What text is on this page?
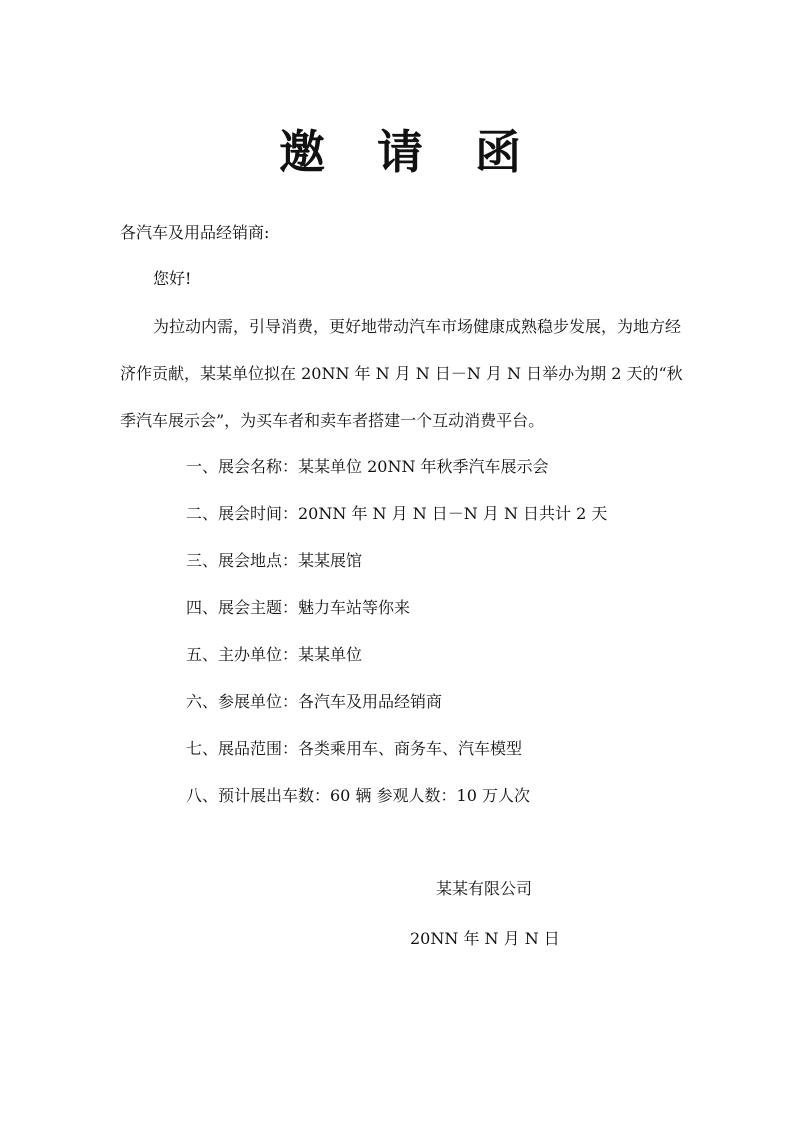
邀 请 函
各汽车及用品经销商:
您好!
为拉动内需，引导消费，更好地带动汽车市场健康成熟稳步发展，为地方经
济作贡献，某某单位拟在 20NN 年 N 月 N 日－N 月 N 日举办为期 2 天的“秋
季汽车展示会”，为买车者和卖车者搭建一个互动消费平台。
一、展会名称：某某单位 20NN 年秋季汽车展示会
二、展会时间：20NN 年 N 月 N 日－N 月 N 日共计 2 天
三、展会地点：某某展馆
四、展会主题：魅力车站等你来
五、主办单位：某某单位
六、参展单位：各汽车及用品经销商
七、展品范围：各类乘用车、商务车、汽车模型
八、预计展出车数：60 辆 参观人数：10 万人次
某某有限公司
20NN 年 N 月 N 日
